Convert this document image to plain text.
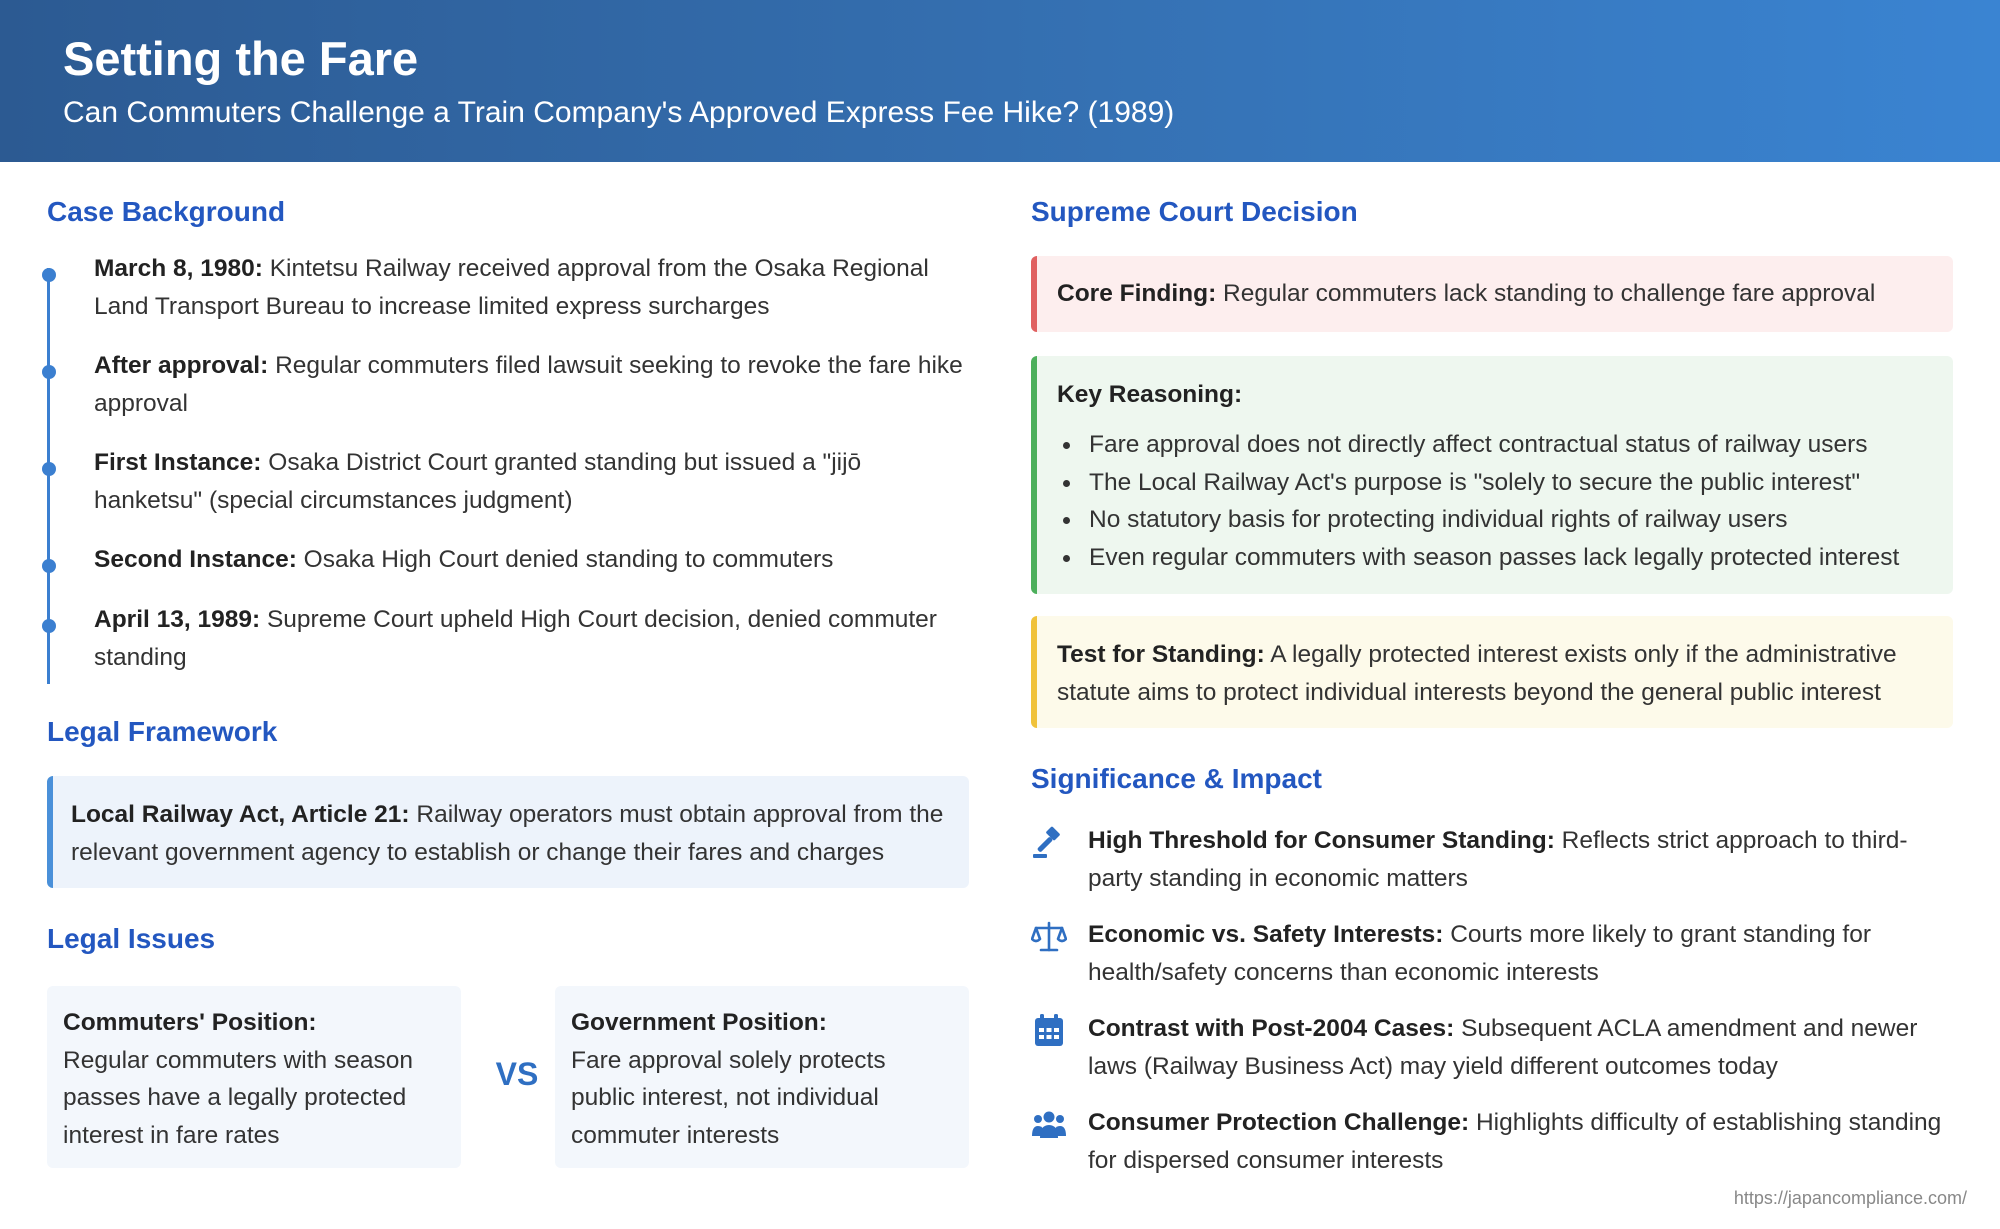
Setting the Fare
Can Commuters Challenge a Train Company's Approved Express Fee Hike? (1989)
Case Background
March 8, 1980: Kintetsu Railway received approval from the Osaka Regional Land Transport Bureau to increase limited express surcharges
After approval: Regular commuters filed lawsuit seeking to revoke the fare hike approval
First Instance: Osaka District Court granted standing but issued a "jijō hanketsu" (special circumstances judgment)
Second Instance: Osaka High Court denied standing to commuters
April 13, 1989: Supreme Court upheld High Court decision, denied commuter standing
Legal Framework
Local Railway Act, Article 21: Railway operators must obtain approval from the relevant government agency to establish or change their fares and charges
Legal Issues
Commuters' Position:
Regular commuters with season passes have a legally protected interest in fare rates
VS
Government Position:
Fare approval solely protects public interest, not individual commuter interests
Supreme Court Decision
Core Finding: Regular commuters lack standing to challenge fare approval
Key Reasoning:
Fare approval does not directly affect contractual status of railway users
The Local Railway Act's purpose is "solely to secure the public interest"
No statutory basis for protecting individual rights of railway users
Even regular commuters with season passes lack legally protected interest
Test for Standing: A legally protected interest exists only if the administrative statute aims to protect individual interests beyond the general public interest
Significance & Impact
High Threshold for Consumer Standing: Reflects strict approach to third-party standing in economic matters
Economic vs. Safety Interests: Courts more likely to grant standing for health/safety concerns than economic interests
Contrast with Post-2004 Cases: Subsequent ACLA amendment and newer laws (Railway Business Act) may yield different outcomes today
Consumer Protection Challenge: Highlights difficulty of establishing standing for dispersed consumer interests
https://japancompliance.com/
